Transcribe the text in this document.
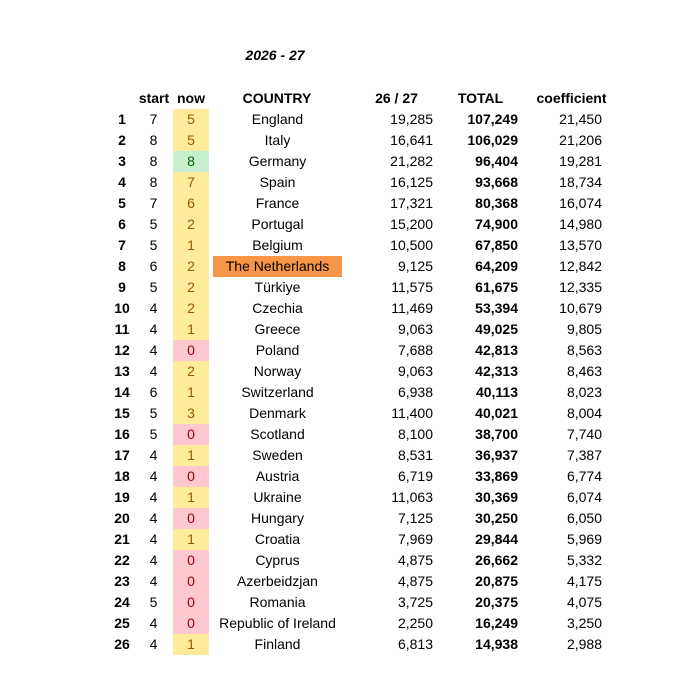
2026 - 27
	start	now	COUNTRY	26 / 27	TOTAL	coefficient
1	7	5	England	19,285	107,249	21,450
2	8	5	Italy	16,641	106,029	21,206
3	8	8	Germany	21,282	96,404	19,281
4	8	7	Spain	16,125	93,668	18,734
5	7	6	France	17,321	80,368	16,074
6	5	2	Portugal	15,200	74,900	14,980
7	5	1	Belgium	10,500	67,850	13,570
8	6	2	The Netherlands	9,125	64,209	12,842
9	5	2	Türkiye	11,575	61,675	12,335
10	4	2	Czechia	11,469	53,394	10,679
11	4	1	Greece	9,063	49,025	9,805
12	4	0	Poland	7,688	42,813	8,563
13	4	2	Norway	9,063	42,313	8,463
14	6	1	Switzerland	6,938	40,113	8,023
15	5	3	Denmark	11,400	40,021	8,004
16	5	0	Scotland	8,100	38,700	7,740
17	4	1	Sweden	8,531	36,937	7,387
18	4	0	Austria	6,719	33,869	6,774
19	4	1	Ukraine	11,063	30,369	6,074
20	4	0	Hungary	7,125	30,250	6,050
21	4	1	Croatia	7,969	29,844	5,969
22	4	0	Cyprus	4,875	26,662	5,332
23	4	0	Azerbeidzjan	4,875	20,875	4,175
24	5	0	Romania	3,725	20,375	4,075
25	4	0	Republic of Ireland	2,250	16,249	3,250
26	4	1	Finland	6,813	14,938	2,988
